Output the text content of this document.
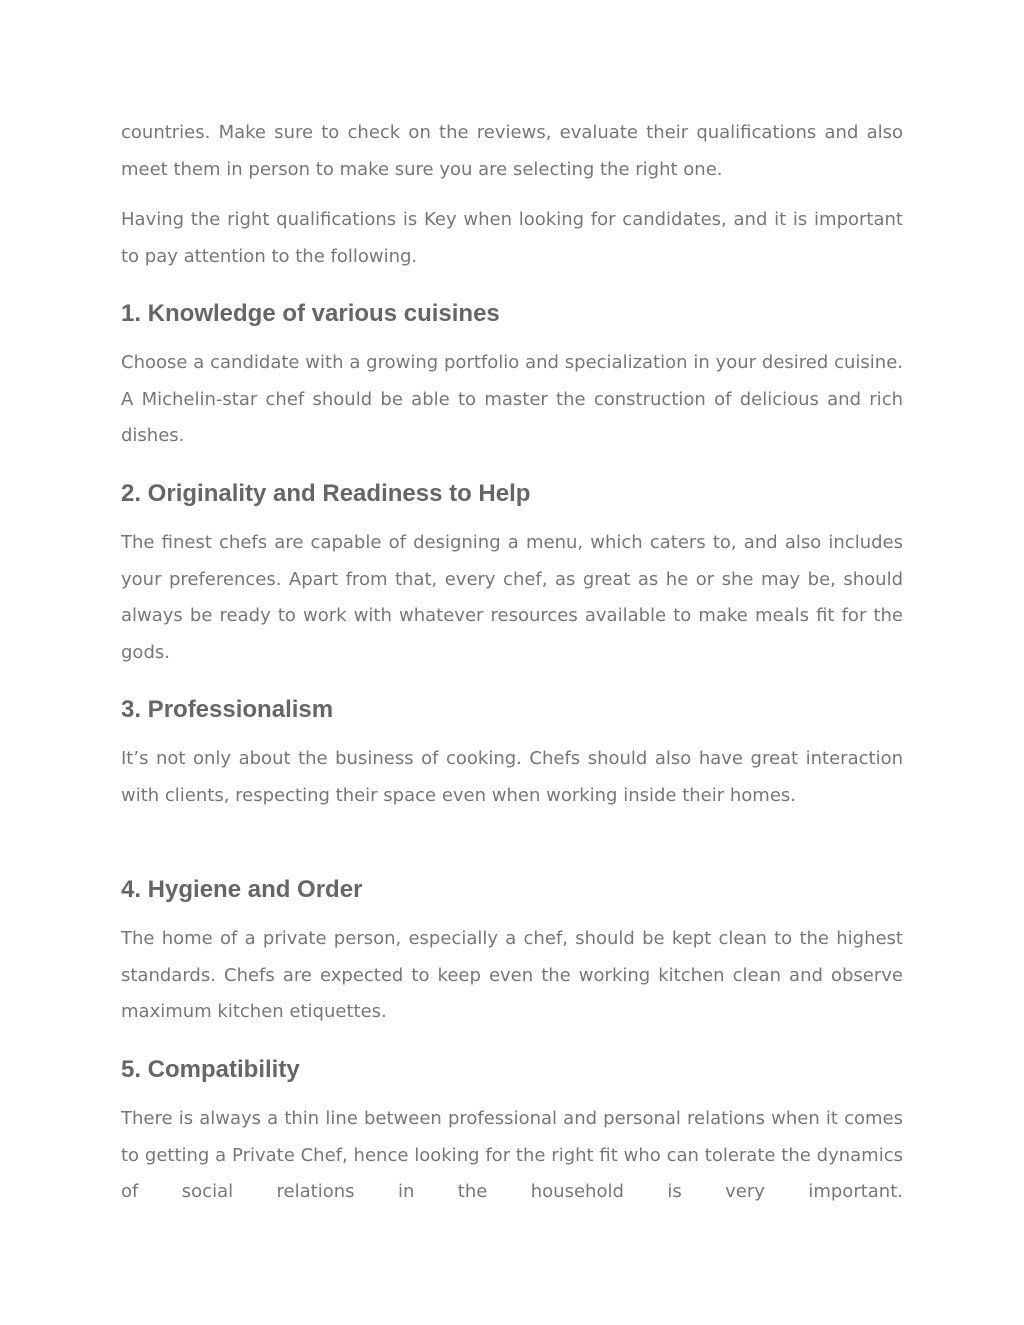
countries. Make sure to check on the reviews, evaluate their qualifications and also meet them in person to make sure you are selecting the right one.

Having the right qualifications is Key when looking for candidates, and it is important to pay attention to the following.

1. Knowledge of various cuisines

Choose a candidate with a growing portfolio and specialization in your desired cuisine. A Michelin-star chef should be able to master the construction of delicious and rich dishes.

2. Originality and Readiness to Help

The finest chefs are capable of designing a menu, which caters to, and also includes your preferences. Apart from that, every chef, as great as he or she may be, should always be ready to work with whatever resources available to make meals fit for the gods.

3. Professionalism

It’s not only about the business of cooking. Chefs should also have great interaction with clients, respecting their space even when working inside their homes.

4. Hygiene and Order

The home of a private person, especially a chef, should be kept clean to the highest standards. Chefs are expected to keep even the working kitchen clean and observe maximum kitchen etiquettes.

5. Compatibility

There is always a thin line between professional and personal relations when it comes to getting a Private Chef, hence looking for the right fit who can tolerate the dynamics of social relations in the household is very important.
